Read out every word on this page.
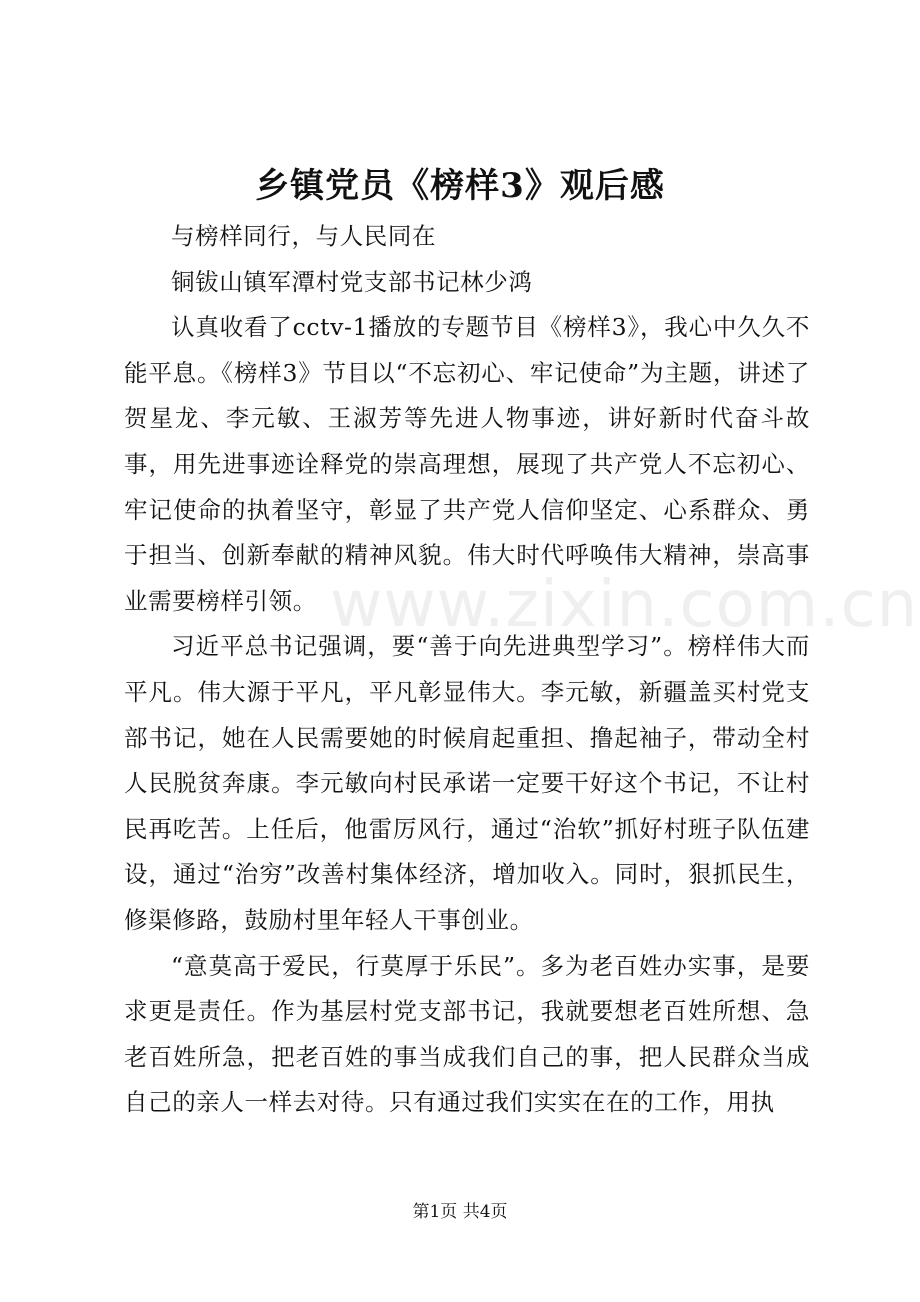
乡镇党员《榜样3》观后感

与榜样同行，与人民同在

铜钹山镇军潭村党支部书记林少鸿

认真收看了cctv-1播放的专题节目《榜样3》，我心中久久不能平息。《榜样3》节目以“不忘初心、牢记使命”为主题，讲述了贺星龙、李元敏、王淑芳等先进人物事迹，讲好新时代奋斗故事，用先进事迹诠释党的崇高理想，展现了共产党人不忘初心、牢记使命的执着坚守，彰显了共产党人信仰坚定、心系群众、勇于担当、创新奉献的精神风貌。伟大时代呼唤伟大精神，崇高事业需要榜样引领。

习近平总书记强调，要“善于向先进典型学习”。榜样伟大而平凡。伟大源于平凡，平凡彰显伟大。李元敏，新疆盖买村党支部书记，她在人民需要她的时候肩起重担、撸起袖子，带动全村人民脱贫奔康。李元敏向村民承诺一定要干好这个书记，不让村民再吃苦。上任后，他雷厉风行，通过“治软”抓好村班子队伍建设，通过“治穷”改善村集体经济，增加收入。同时，狠抓民生，修渠修路，鼓励村里年轻人干事创业。

“意莫高于爱民，行莫厚于乐民”。多为老百姓办实事，是要求更是责任。作为基层村党支部书记，我就要想老百姓所想、急老百姓所急，把老百姓的事当成我们自己的事，把人民群众当成自己的亲人一样去对待。只有通过我们实实在在的工作，用执

www.zixin.com.cn
第1页 共4页
